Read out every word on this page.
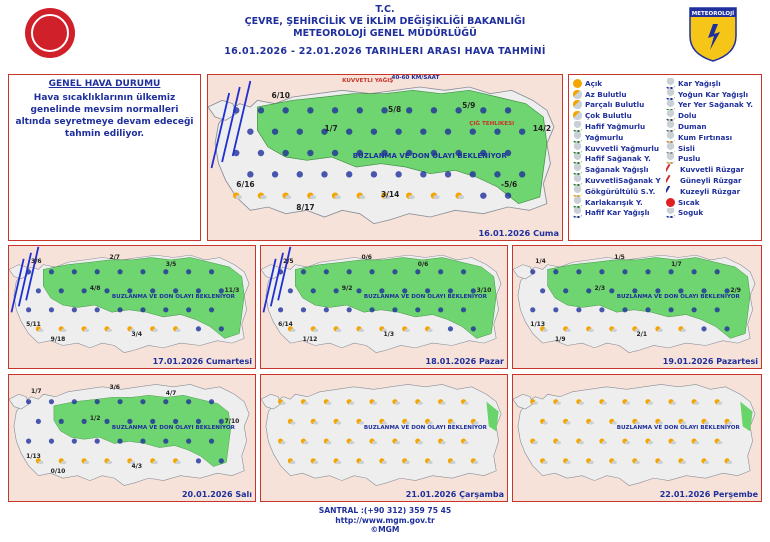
T.C.
ÇEVRE, ŞEHİRCİLİK VE İKLİM DEĞİŞİKLİĞİ BAKANLIĞI
METEOROLOJİ GENEL MÜDÜRLÜĞÜ
16.01.2026 - 22.01.2026 TARIHLERI ARASI HAVA TAHMİNİ
METEOROLOJİ
GENEL HAVA DURUMU

Hava sıcaklıklarının ülkemiz genelinde mevsim normalleri altında seyretmeye devam edeceği tahmin ediliyor.

Açık	Kar Yağışlı
Az Bulutlu	Yoğun Kar Yağışlı
Parçalı Bulutlu	Yer Yer Sağanak Y.
Çok Bulutlu	Dolu
Hafif Yağmurlu	Duman
Yağmurlu	Kum Fırtınası
Kuvvetli Yağmurlu	Sisli
Hafif Sağanak Y.	Puslu
Sağanak Yağışlı	Kuvvetli Rüzgar
KuvvetliSağanak Y	Güneyli Rüzgar
Gökgürültülü S.Y.	Kuzeyli Rüzgar
Karlakarışık Y.	Sıcak
Hafif Kar Yağışlı	Soguk
BUZLANMA VE DON OLAYI BEKLENİYOR
6/10
1/7
5/8	5/9
14/2
6/16
8/17
3/14
-5/6
KUVVETLI YAĞIŞ
40-60 KM/SAAT
ÇIĞ TEHLIKESI
16.01.2026 Cuma
BUZLANMA VE DON OLAYI BEKLENİYOR
3/6
2/7
3/5
4/8	11/3
5/11
9/18
3/4
17.01.2026 Cumartesi
BUZLANMA VE DON OLAYI BEKLENİYOR
2/5
0/6
0/6
9/2	3/10
6/14
1/12
1/3
18.01.2026 Pazar
BUZLANMA VE DON OLAYI BEKLENİYOR
1/4
1/5
1/7
2/3	2/9
1/13
1/9
2/1
19.01.2026 Pazartesi
BUZLANMA VE DON OLAYI BEKLENİYOR
1/7
3/6
4/7
1/2	7/10
1/13
0/10
4/3
20.01.2026 Salı
BUZLANMA VE DON OLAYI BEKLENİYOR
21.01.2026 Çarşamba
BUZLANMA VE DON OLAYI BEKLENİYOR
22.01.2026 Perşembe
SANTRAL :(+90 312) 359 75 45
http://www.mgm.gov.tr
©MGM
